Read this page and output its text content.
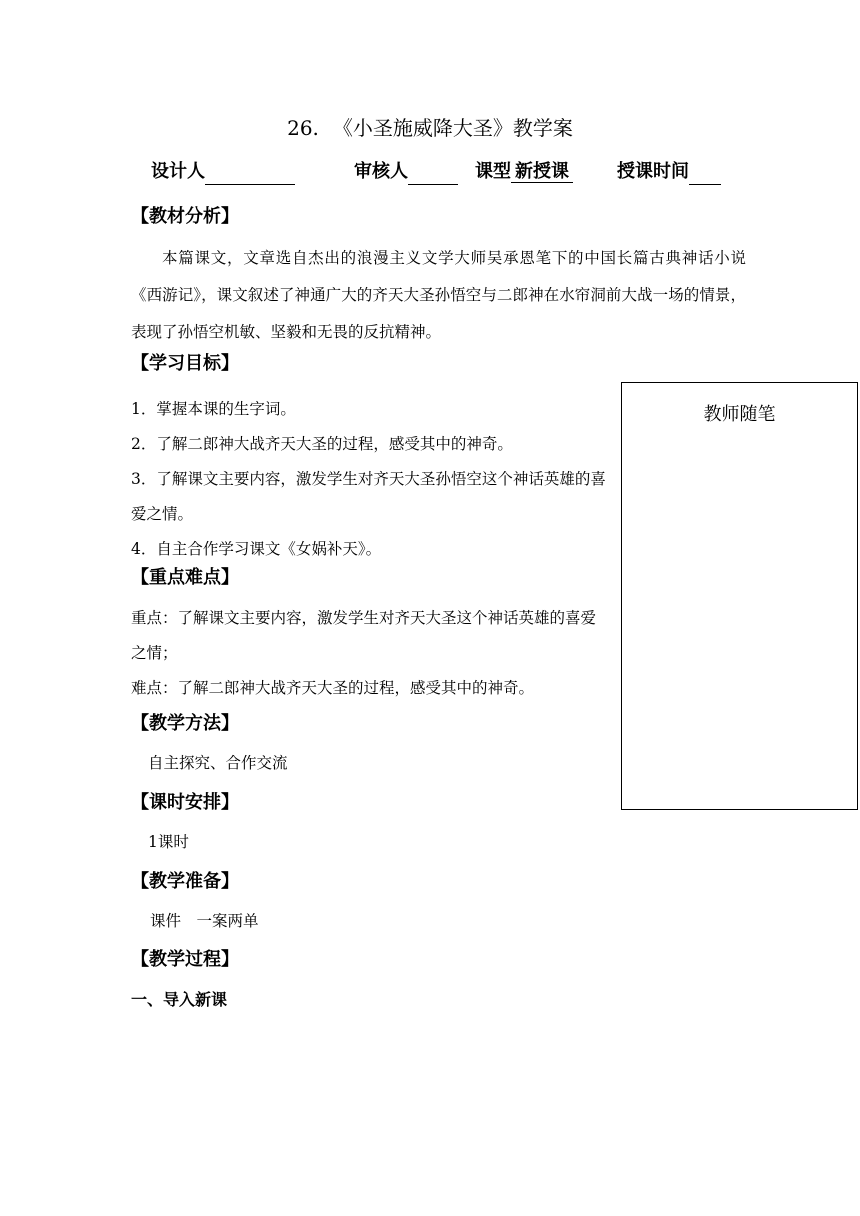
26. 《小圣施威降大圣》教学案
设计人	审核人	课型 新授课	授课时间
【教材分析】
本篇课文，文章选自杰出的浪漫主义文学大师吴承恩笔下的中国长篇古典神话小说《西游记》，课文叙述了神通广大的齐天大圣孙悟空与二郎神在水帘洞前大战一场的情景，表现了孙悟空机敏、坚毅和无畏的反抗精神。
【学习目标】
1．掌握本课的生字词。
2．了解二郎神大战齐天大圣的过程，感受其中的神奇。
3．了解课文主要内容，激发学生对齐天大圣孙悟空这个神话英雄的喜爱之情。
4．自主合作学习课文《女娲补天》。
【重点难点】
重点：了解课文主要内容，激发学生对齐天大圣这个神话英雄的喜爱之情；
难点：了解二郎神大战齐天大圣的过程，感受其中的神奇。
【教学方法】
自主探究、合作交流
【课时安排】
1课时
【教学准备】
课件　一案两单
【教学过程】
一、导入新课
教师随笔
